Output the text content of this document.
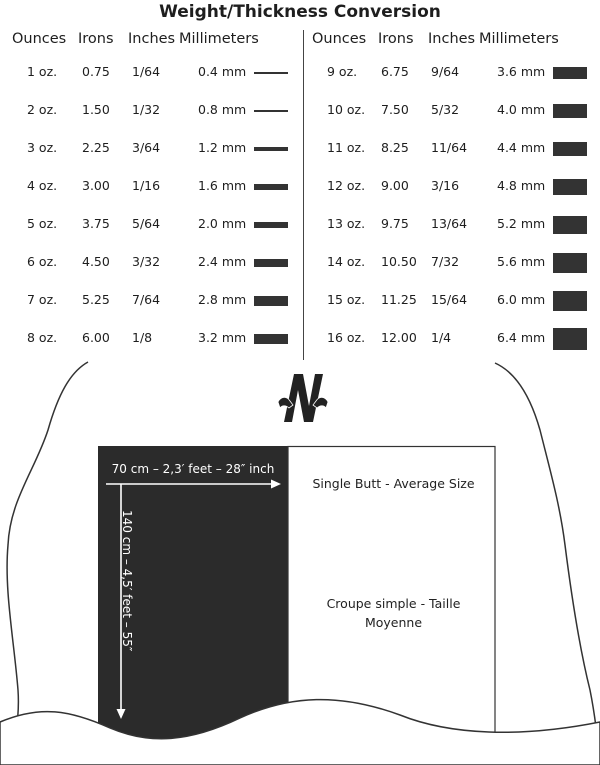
Weight/Thickness Conversion
Ounces Irons Inches Millimeters	Ounces Irons Inches Millimeters
1 oz. 0.75 1/64	0.4 mm
2 oz. 1.50 1/32	0.8 mm
3 oz. 2.25 3/64	1.2 mm
4 oz. 3.00 1/16	1.6 mm
5 oz. 3.75 5/64	2.0 mm
6 oz. 4.50 3/32	2.4 mm
7 oz. 5.25 7/64	2.8 mm
8 oz. 6.00 1/8	3.2 mm
9 oz. 6.75 9/64	3.6 mm
10 oz. 7.50 5/32	4.0 mm
11 oz. 8.25 11/64 4.4 mm
12 oz. 9.00 3/16	4.8 mm
13 oz. 9.75 13/64 5.2 mm
14 oz. 10.50 7/32	5.6 mm
15 oz. 11.25 15/64 6.0 mm
16 oz. 12.00 1/4	6.4 mm
70 cm – 2,3′ feet – 28″ inch
140 cm – 4,5′ feet – 55″
Single Butt - Average Size
Croupe simple - Taille Moyenne
